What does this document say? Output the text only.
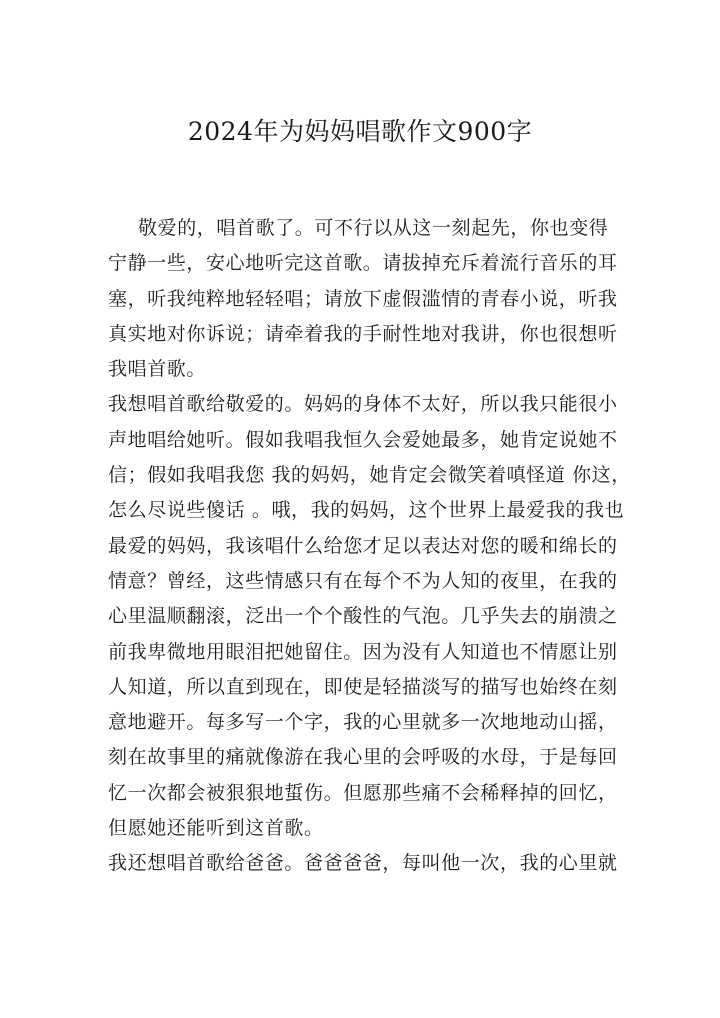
2024年为妈妈唱歌作文900字
敬爱的，唱首歌了。可不行以从这一刻起先，你也变得
宁静一些，安心地听完这首歌。请拔掉充斥着流行音乐的耳
塞，听我纯粹地轻轻唱；请放下虚假滥情的青春小说，听我
真实地对你诉说；请牵着我的手耐性地对我讲，你也很想听
我唱首歌。
我想唱首歌给敬爱的。妈妈的身体不太好，所以我只能很小
声地唱给她听。假如我唱我恒久会爱她最多，她肯定说她不
信；假如我唱我您 我的妈妈，她肯定会微笑着嗔怪道 你这，
怎么尽说些傻话 。哦，我的妈妈，这个世界上最爱我的我也
最爱的妈妈，我该唱什么给您才足以表达对您的暖和绵长的
情意？曾经，这些情感只有在每个不为人知的夜里，在我的
心里温顺翻滚，泛出一个个酸性的气泡。几乎失去的崩溃之
前我卑微地用眼泪把她留住。因为没有人知道也不情愿让别
人知道，所以直到现在，即使是轻描淡写的描写也始终在刻
意地避开。每多写一个字，我的心里就多一次地地动山摇，
刻在故事里的痛就像游在我心里的会呼吸的水母，于是每回
忆一次都会被狠狠地蜇伤。但愿那些痛不会稀释掉的回忆，
但愿她还能听到这首歌。
我还想唱首歌给爸爸。爸爸爸爸，每叫他一次，我的心里就
